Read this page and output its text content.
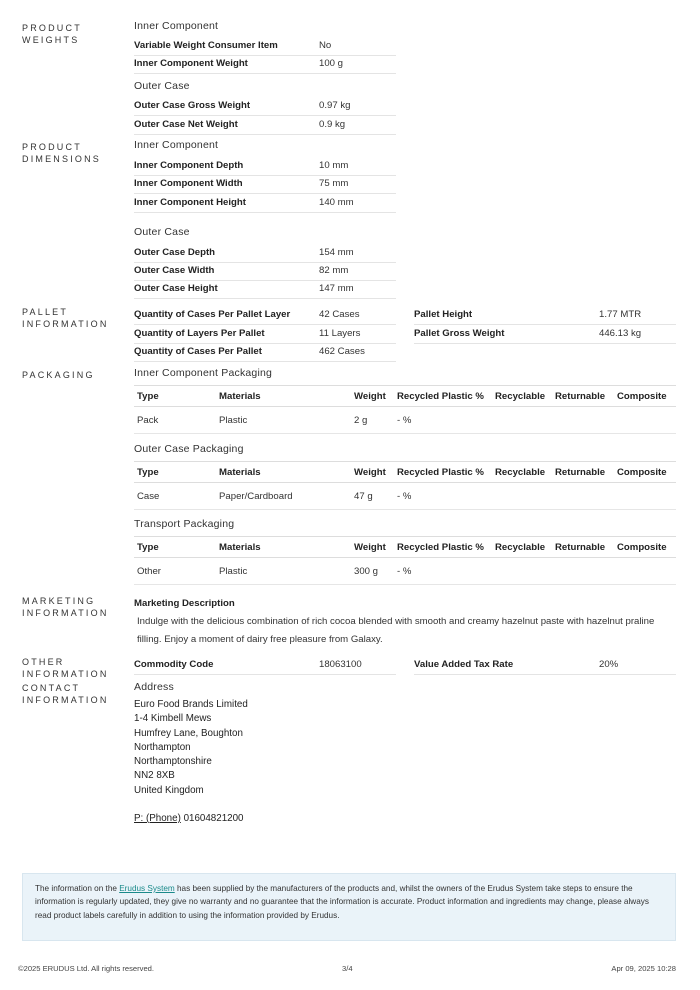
PRODUCT
WEIGHTS
PRODUCT
DIMENSIONS
PALLET
INFORMATION
PACKAGING
MARKETING
INFORMATION
OTHER
INFORMATION
CONTACT
INFORMATION
Inner Component
Variable Weight Consumer Item	No
Inner Component Weight	100 g
Outer Case
Outer Case Gross Weight	0.97 kg
Outer Case Net Weight	0.9 kg
Inner Component
Inner Component Depth	10 mm
Inner Component Width	75 mm
Inner Component Height	140 mm
Outer Case
Outer Case Depth	154 mm
Outer Case Width	82 mm
Outer Case Height	147 mm
Quantity of Cases Per Pallet Layer	42 Cases
Quantity of Layers Per Pallet	11 Layers
Quantity of Cases Per Pallet	462 Cases
Pallet Height	1.77 MTR
Pallet Gross Weight	446.13 kg
Inner Component Packaging
Type	Materials	Weight	Recycled Plastic %	Recyclable	Returnable	Composite
Pack	Plastic	2 g	- %			
Outer Case Packaging
Type	Materials	Weight	Recycled Plastic %	Recyclable	Returnable	Composite
Case	Paper/Cardboard	47 g	- %			
Transport Packaging
Type	Materials	Weight	Recycled Plastic %	Recyclable	Returnable	Composite
Other	Plastic	300 g	- %			
Marketing Description
Indulge with the delicious combination of rich cocoa blended with smooth and creamy hazelnut paste with hazelnut praline
filling. Enjoy a moment of dairy free pleasure from Galaxy.
Commodity Code	18063100	Value Added Tax Rate	20%
Address
Euro Food Brands Limited
1-4 Kimbell Mews
Humfrey Lane, Boughton
Northampton
Northamptonshire
NN2 8XB
United Kingdom
P: (Phone) 01604821200

The information on the Erudus System has been supplied by the manufacturers of the products and, whilst the owners of the Erudus System take steps to ensure the information is regularly updated, they give no warranty and no guarantee that the information is accurate. Product information and ingredients may change, please always read product labels carefully in addition to using the information provided by Erudus.

©2025 ERUDUS Ltd. All rights reserved.	3/4	Apr 09, 2025 10:28
